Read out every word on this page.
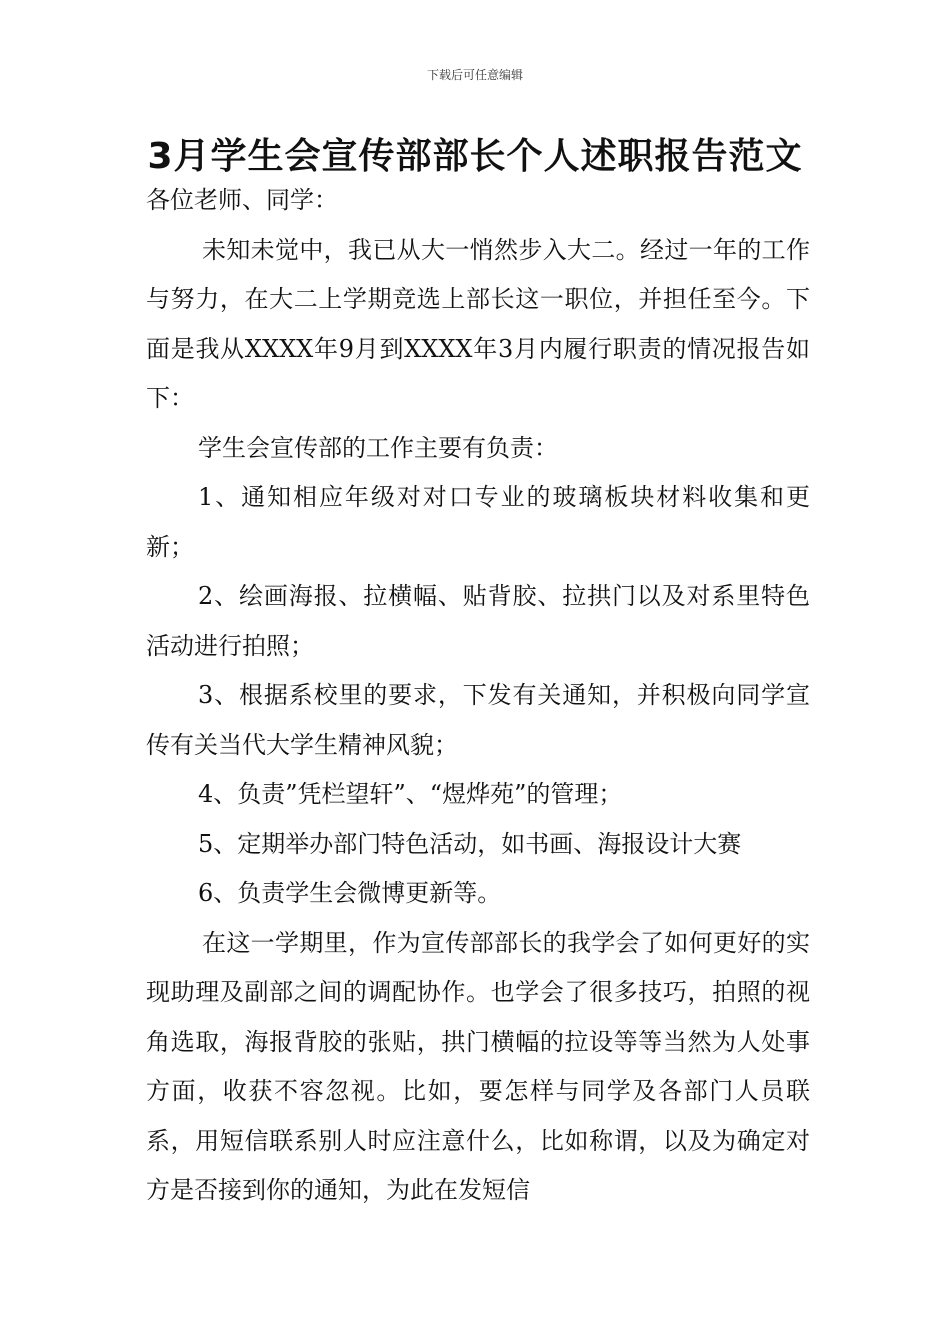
下载后可任意编辑
3月学生会宣传部部长个人述职报告范文

各位老师、同学：

未知未觉中，我已从大一悄然步入大二。经过一年的工作与努力，在大二上学期竞选上部长这一职位，并担任至今。下面是我从XXXX年9月到XXXX年3月内履行职责的情况报告如下：

学生会宣传部的工作主要有负责：

1、通知相应年级对对口专业的玻璃板块材料收集和更新；

2、绘画海报、拉横幅、贴背胶、拉拱门以及对系里特色活动进行拍照；

3、根据系校里的要求，下发有关通知，并积极向同学宣传有关当代大学生精神风貌；

4、负责”凭栏望轩”、“煜烨苑”的管理；

5、定期举办部门特色活动，如书画、海报设计大赛

6、负责学生会微博更新等。

在这一学期里，作为宣传部部长的我学会了如何更好的实现助理及副部之间的调配协作。也学会了很多技巧，拍照的视角选取，海报背胶的张贴，拱门横幅的拉设等等当然为人处事方面，收获不容忽视。比如，要怎样与同学及各部门人员联系，用短信联系别人时应注意什么，比如称谓，以及为确定对方是否接到你的通知，为此在发短信
